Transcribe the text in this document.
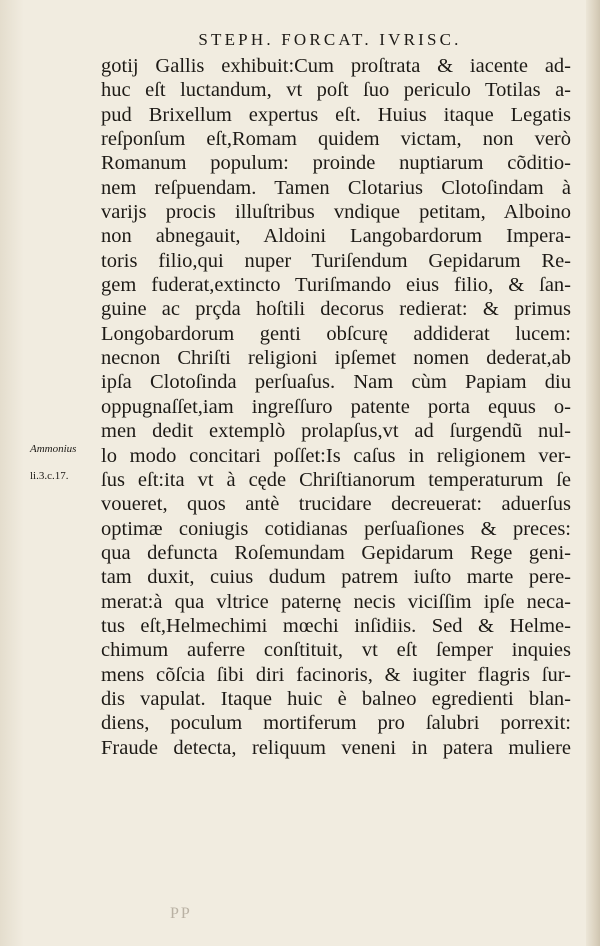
STEPH. FORCAT. IVRISC.
gotij Gallis exhibuit:Cum proſtrata & iacente ad-
huc eſt luctandum, vt poſt ſuo periculo Totilas a-
pud Brixellum expertus eſt. Huius itaque Legatis
reſponſum eſt,Romam quidem victam, non verò
Romanum populum: proinde nuptiarum cõditio-
nem reſpuendam. Tamen Clotarius Clotoſindam à
varijs procis illuſtribus vndique petitam, Alboino
non abnegauit, Aldoini Langobardorum Impera-
toris filio,qui nuper Turiſendum Gepidarum Re-
gem fuderat,extincto Turiſmando eius filio, & ſan-
guine ac prçda hoſtili decorus redierat: & primus
Longobardorum genti obſcurę addiderat lucem:
necnon Chriſti religioni ipſemet nomen dederat,ab
ipſa Clotoſinda perſuaſus. Nam cùm Papiam diu
oppugnaſſet,iam ingreſſuro patente porta equus o-
men dedit extemplò prolapſus,vt ad ſurgendũ nul-
lo modo concitari poſſet:Is caſus in religionem ver-
ſus eſt:ita vt à cęde Chriſtianorum temperaturum ſe
voueret, quos antè trucidare decreuerat: aduerſus
optimæ coniugis cotidianas perſuaſiones & preces:
qua defuncta Roſemundam Gepidarum Rege geni-
tam duxit, cuius dudum patrem iuſto marte pere-
merat:à qua vltrice paternę necis viciſſim ipſe neca-
tus eſt,Helmechimi mœchi inſidiis. Sed & Helme-
chimum auferre conſtituit, vt eſt ſemper inquies
mens cõſcia ſibi diri facinoris, & iugiter flagris ſur-
dis vapulat. Itaque huic è balneo egredienti blan-
diens, poculum mortiferum pro ſalubri porrexit:
Fraude detecta, reliquum veneni in patera muliere
Ammonius
li.3.c.17.
PP
